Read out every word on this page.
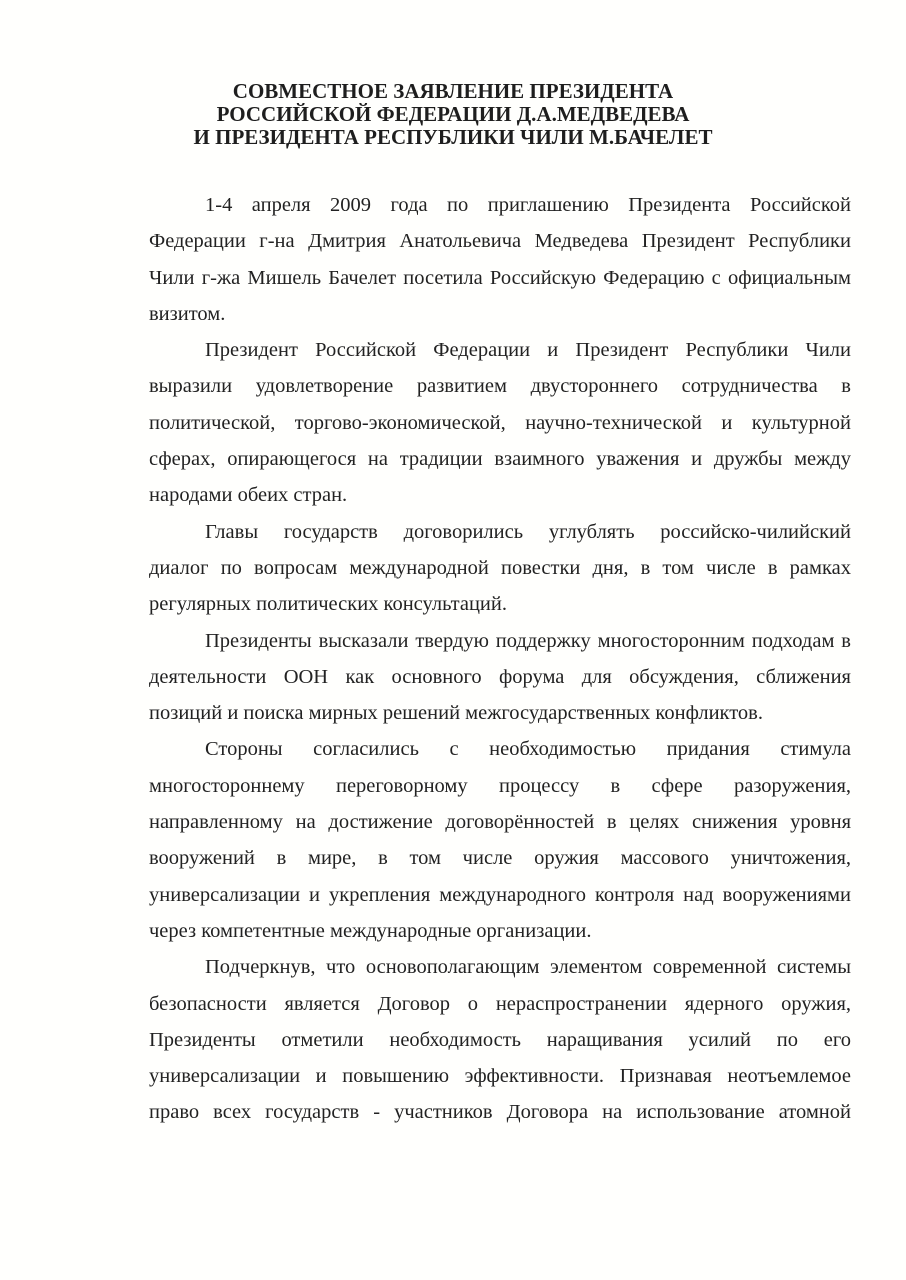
СОВМЕСТНОЕ ЗАЯВЛЕНИЕ ПРЕЗИДЕНТА
РОССИЙСКОЙ ФЕДЕРАЦИИ Д.А.МЕДВЕДЕВА
И ПРЕЗИДЕНТА РЕСПУБЛИКИ ЧИЛИ М.БАЧЕЛЕТ
1-4 апреля 2009 года по приглашению Президента Российской
Федерации г-на Дмитрия Анатольевича Медведева Президент Республики
Чили г-жа Мишель Бачелет посетила Российскую Федерацию с официальным
визитом.
Президент Российской Федерации и Президент Республики Чили
выразили удовлетворение развитием двустороннего сотрудничества в
политической, торгово-экономической, научно-технической и культурной
сферах, опирающегося на традиции взаимного уважения и дружбы между
народами обеих стран.
Главы государств договорились углублять российско-чилийский
диалог по вопросам международной повестки дня, в том числе в рамках
регулярных политических консультаций.
Президенты высказали твердую поддержку многосторонним подходам в
деятельности ООН как основного форума для обсуждения, сближения
позиций и поиска мирных решений межгосударственных конфликтов.
Стороны согласились с необходимостью придания стимула
многостороннему переговорному процессу в сфере разоружения,
направленному на достижение договорённостей в целях снижения уровня
вооружений в мире, в том числе оружия массового уничтожения,
универсализации и укрепления международного контроля над вооружениями
через компетентные международные организации.
Подчеркнув, что основополагающим элементом современной системы
безопасности является Договор о нераспространении ядерного оружия,
Президенты отметили необходимость наращивания усилий по его
универсализации и повышению эффективности. Признавая неотъемлемое
право всех государств - участников Договора на использование атомной
